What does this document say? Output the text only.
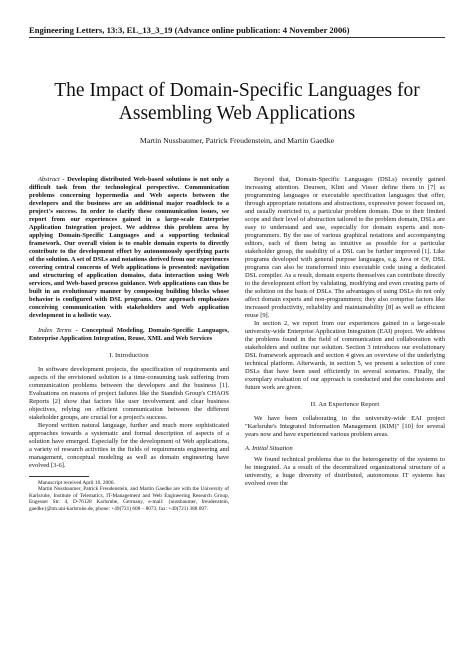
Engineering Letters, 13:3, EL_13_3_19 (Advance online publication: 4 November 2006)
The Impact of Domain-Specific Languages for Assembling Web Applications
Martin Nussbaumer, Patrick Freudenstein, and Martin Gaedke

Abstract - Developing distributed Web-based solutions is not only a difficult task from the technological perspective. Communication problems concerning hypermedia and Web aspects between the developers and the business are an additional major roadblock to a project's success. In order to clarify these communication issues, we report from our experiences gained in a large-scale Enterprise Application Integration project. We address this problem area by applying Domain-Specific Languages and a supporting technical framework. Our overall vision is to enable domain experts to directly contribute to the development effort by autonomously specifying parts of the solution. A set of DSLs and notations derived from our experiences covering central concerns of Web applications is presented: navigation and structuring of application domains, data interaction using Web services, and Web-based process guidance. Web applications can thus be built in an evolutionary manner by composing building blocks whose behavior is configured with DSL programs. Our approach emphasizes conceiving communication with stakeholders and Web application development in a holistic way.

Index Terms - Conceptual Modeling, Domain-Specific Languages, Enterprise Application Integration, Reuse, XML and Web Services

I. Introduction

In software development projects, the specification of requirements and aspects of the envisioned solution is a time-consuming task suffering from communication problems between the developers and the business [1]. Evaluations on reasons of project failures like the Standish Group's CHAOS Reports [2] show that factors like user involvement and clear business objectives, relying on efficient communication between the different stakeholder groups, are crucial for a project's success.

Beyond written natural language, further and much more sophisticated approaches towards a systematic and formal description of aspects of a solution have emerged. Especially for the development of Web applications, a variety of research activities in the fields of requirements engineering and management, conceptual modeling as well as domain engineering have evolved [3-6].

Manuscript received April 10, 2006.

Martin Nussbaumer, Patrick Freudenstein, and Martin Gaedke are with the University of Karlsruhe, Institute of Telematics, IT-Management and Web Engineering Research Group, Engesser Str. 4, D-76128 Karlsruhe, Germany, e-mail: {nussbaumer, freudenstein, gaedke}@tm.uni-karlsruhe.de, phone: +49(721) 608 – 8073, fax: +49(721) 388 097.

Beyond that, Domain-Specific Languages (DSLs) recently gained increasing attention. Deursen, Klint and Visser define them in [7] as programming languages or executable specification languages that offer, through appropriate notations and abstractions, expressive power focused on, and usually restricted to, a particular problem domain. Due to their limited scope and their level of abstraction tailored to the problem domain, DSLs are easy to understand and use, especially for domain experts and non-programmers. By the use of various graphical notations and accompanying editors, each of them being as intuitive as possible for a particular stakeholder group, the usability of a DSL can be further improved [1]. Like programs developed with general purpose languages, e.g. Java or C#, DSL programs can also be transformed into executable code using a dedicated DSL compiler. As a result, domain experts themselves can contribute directly to the development effort by validating, modifying and even creating parts of the solution on the basis of DSLs. The advantages of using DSLs do not only affect domain experts and non-programmers; they also comprise factors like increased productivity, reliability and maintainability [8] as well as efficient reuse [9].

In section 2, we report from our experiences gained in a large-scale university-wide Enterprise Application Integration (EAI) project. We address the problems found in the field of communication and collaboration with stakeholders and outline our solution. Section 3 introduces our evolutionary DSL framework approach and section 4 gives an overview of the underlying technical platform. Afterwards, in section 5, we present a selection of core DSLs that have been used efficiently in several scenarios. Finally, the exemplary evaluation of our approach is conducted and the conclusions and future work are given.

II. An Experience Report

We have been collaborating in the university-wide EAI project "Karlsruhe's Integrated Information Management (KIM)" [10] for several years now and have experienced various problem areas.

A. Initial Situation

We found technical problems due to the heterogeneity of the systems to be integrated. As a result of the decentralized organizational structure of a university, a huge diversity of distributed, autonomous IT systems has evolved over the
